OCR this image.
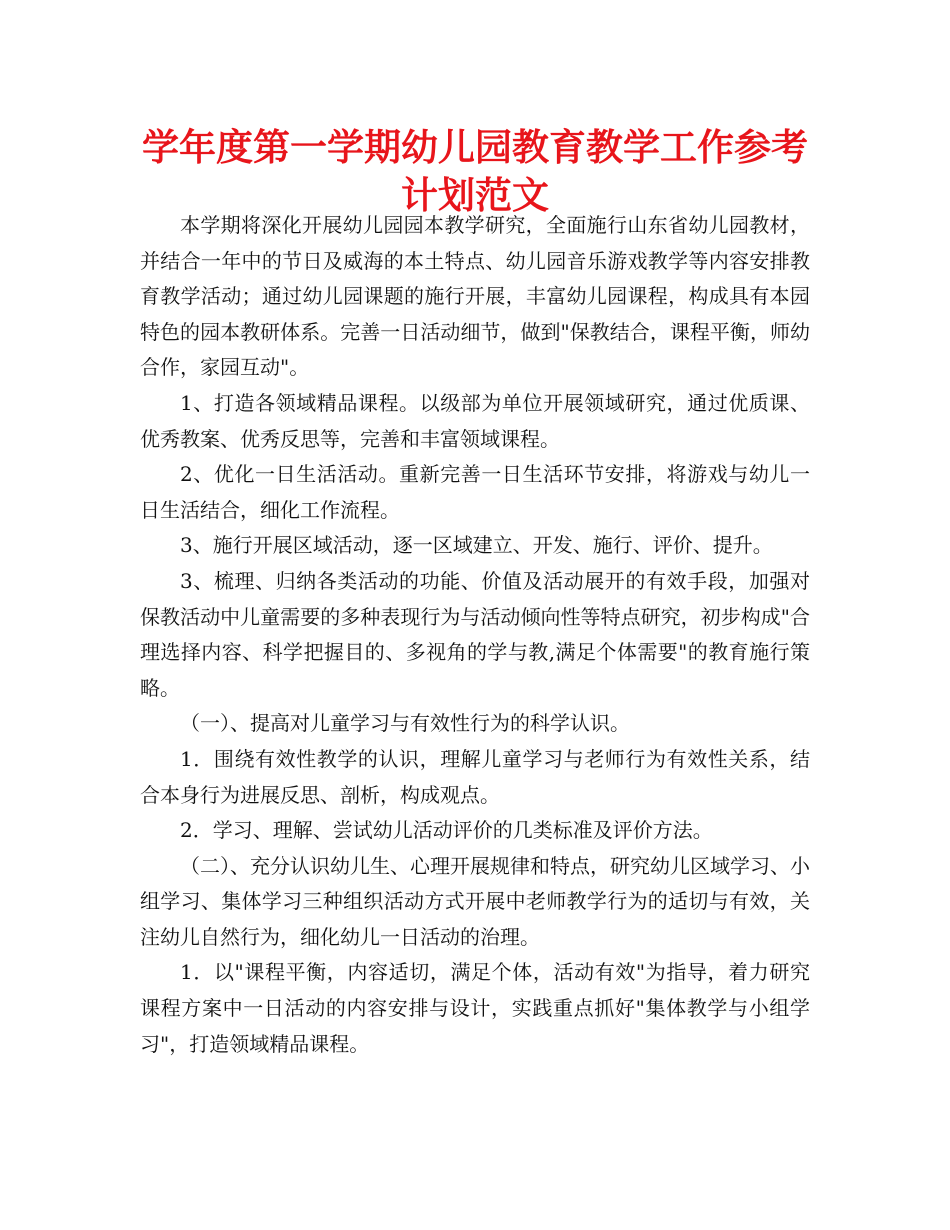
学年度第一学期幼儿园教育教学工作参考计划范文

本学期将深化开展幼儿园园本教学研究，全面施行山东省幼儿园教材，并结合一年中的节日及威海的本土特点、幼儿园音乐游戏教学等内容安排教育教学活动；通过幼儿园课题的施行开展，丰富幼儿园课程，构成具有本园特色的园本教研体系。完善一日活动细节，做到"保教结合，课程平衡，师幼合作，家园互动"。

1、打造各领域精品课程。以级部为单位开展领域研究，通过优质课、优秀教案、优秀反思等，完善和丰富领域课程。

2、优化一日生活活动。重新完善一日生活环节安排，将游戏与幼儿一日生活结合，细化工作流程。

3、施行开展区域活动，逐一区域建立、开发、施行、评价、提升。

3、梳理、归纳各类活动的功能、价值及活动展开的有效手段，加强对保教活动中儿童需要的多种表现行为与活动倾向性等特点研究，初步构成"合理选择内容、科学把握目的、多视角的学与教,满足个体需要"的教育施行策略。

（一）、提高对儿童学习与有效性行为的科学认识。

1．围绕有效性教学的认识，理解儿童学习与老师行为有效性关系，结合本身行为进展反思、剖析，构成观点。

2．学习、理解、尝试幼儿活动评价的几类标准及评价方法。

（二）、充分认识幼儿生、心理开展规律和特点，研究幼儿区域学习、小组学习、集体学习三种组织活动方式开展中老师教学行为的适切与有效，关注幼儿自然行为，细化幼儿一日活动的治理。

1．以"课程平衡，内容适切，满足个体，活动有效"为指导，着力研究课程方案中一日活动的内容安排与设计，实践重点抓好"集体教学与小组学习"，打造领域精品课程。
